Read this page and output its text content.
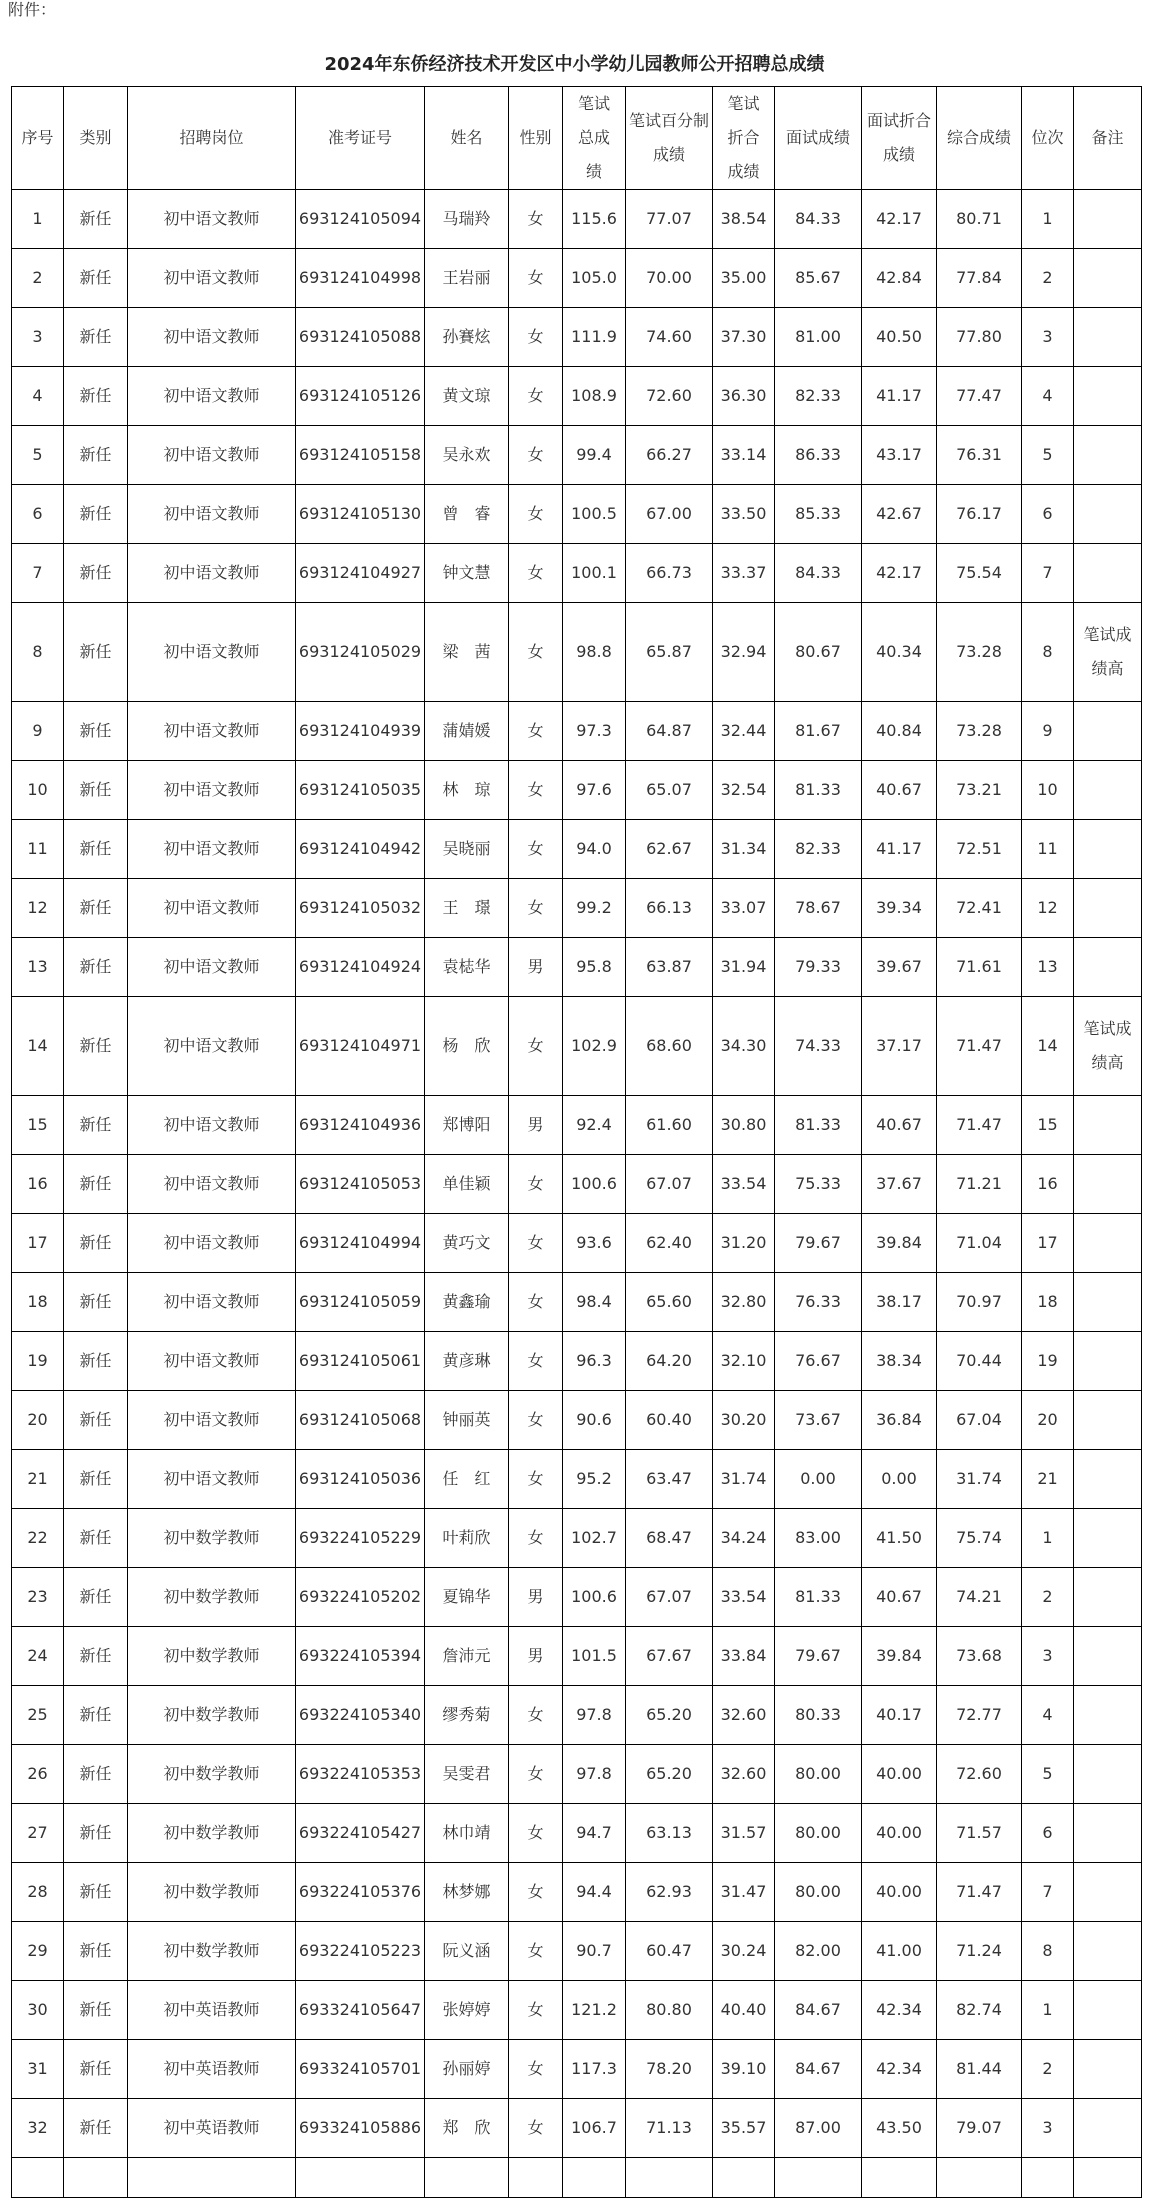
附件：
2024年东侨经济技术开发区中小学幼儿园教师公开招聘总成绩
序号	类别	招聘岗位	准考证号	姓名	性别	笔试总成绩	笔试百分制成绩	笔试折合成绩	面试成绩	面试折合成绩	综合成绩	位次	备注
1	新任	初中语文教师	693124105094	马瑞羚	女	115.6	77.07	38.54	84.33	42.17	80.71	1	
2	新任	初中语文教师	693124104998	王岩丽	女	105.0	70.00	35.00	85.67	42.84	77.84	2	
3	新任	初中语文教师	693124105088	孙賽炫	女	111.9	74.60	37.30	81.00	40.50	77.80	3	
4	新任	初中语文教师	693124105126	黄文琼	女	108.9	72.60	36.30	82.33	41.17	77.47	4	
5	新任	初中语文教师	693124105158	吴永欢	女	99.4	66.27	33.14	86.33	43.17	76.31	5	
6	新任	初中语文教师	693124105130	曾　睿	女	100.5	67.00	33.50	85.33	42.67	76.17	6	
7	新任	初中语文教师	693124104927	钟文慧	女	100.1	66.73	33.37	84.33	42.17	75.54	7	
8	新任	初中语文教师	693124105029	梁　茜	女	98.8	65.87	32.94	80.67	40.34	73.28	8	笔试成绩高
9	新任	初中语文教师	693124104939	蒲婧媛	女	97.3	64.87	32.44	81.67	40.84	73.28	9	
10	新任	初中语文教师	693124105035	林　琼	女	97.6	65.07	32.54	81.33	40.67	73.21	10	
11	新任	初中语文教师	693124104942	吴晓丽	女	94.0	62.67	31.34	82.33	41.17	72.51	11	
12	新任	初中语文教师	693124105032	王　璟	女	99.2	66.13	33.07	78.67	39.34	72.41	12	
13	新任	初中语文教师	693124104924	袁梽华	男	95.8	63.87	31.94	79.33	39.67	71.61	13	
14	新任	初中语文教师	693124104971	杨　欣	女	102.9	68.60	34.30	74.33	37.17	71.47	14	笔试成绩高
15	新任	初中语文教师	693124104936	郑博阳	男	92.4	61.60	30.80	81.33	40.67	71.47	15	
16	新任	初中语文教师	693124105053	单佳颖	女	100.6	67.07	33.54	75.33	37.67	71.21	16	
17	新任	初中语文教师	693124104994	黄巧文	女	93.6	62.40	31.20	79.67	39.84	71.04	17	
18	新任	初中语文教师	693124105059	黄鑫瑜	女	98.4	65.60	32.80	76.33	38.17	70.97	18	
19	新任	初中语文教师	693124105061	黄彦琳	女	96.3	64.20	32.10	76.67	38.34	70.44	19	
20	新任	初中语文教师	693124105068	钟丽英	女	90.6	60.40	30.20	73.67	36.84	67.04	20	
21	新任	初中语文教师	693124105036	任　红	女	95.2	63.47	31.74	0.00	0.00	31.74	21	
22	新任	初中数学教师	693224105229	叶莉欣	女	102.7	68.47	34.24	83.00	41.50	75.74	1	
23	新任	初中数学教师	693224105202	夏锦华	男	100.6	67.07	33.54	81.33	40.67	74.21	2	
24	新任	初中数学教师	693224105394	詹沛元	男	101.5	67.67	33.84	79.67	39.84	73.68	3	
25	新任	初中数学教师	693224105340	缪秀菊	女	97.8	65.20	32.60	80.33	40.17	72.77	4	
26	新任	初中数学教师	693224105353	吴雯君	女	97.8	65.20	32.60	80.00	40.00	72.60	5	
27	新任	初中数学教师	693224105427	林巾靖	女	94.7	63.13	31.57	80.00	40.00	71.57	6	
28	新任	初中数学教师	693224105376	林梦娜	女	94.4	62.93	31.47	80.00	40.00	71.47	7	
29	新任	初中数学教师	693224105223	阮义涵	女	90.7	60.47	30.24	82.00	41.00	71.24	8	
30	新任	初中英语教师	693324105647	张婷婷	女	121.2	80.80	40.40	84.67	42.34	82.74	1	
31	新任	初中英语教师	693324105701	孙丽婷	女	117.3	78.20	39.10	84.67	42.34	81.44	2	
32	新任	初中英语教师	693324105886	郑　欣	女	106.7	71.13	35.57	87.00	43.50	79.07	3	
